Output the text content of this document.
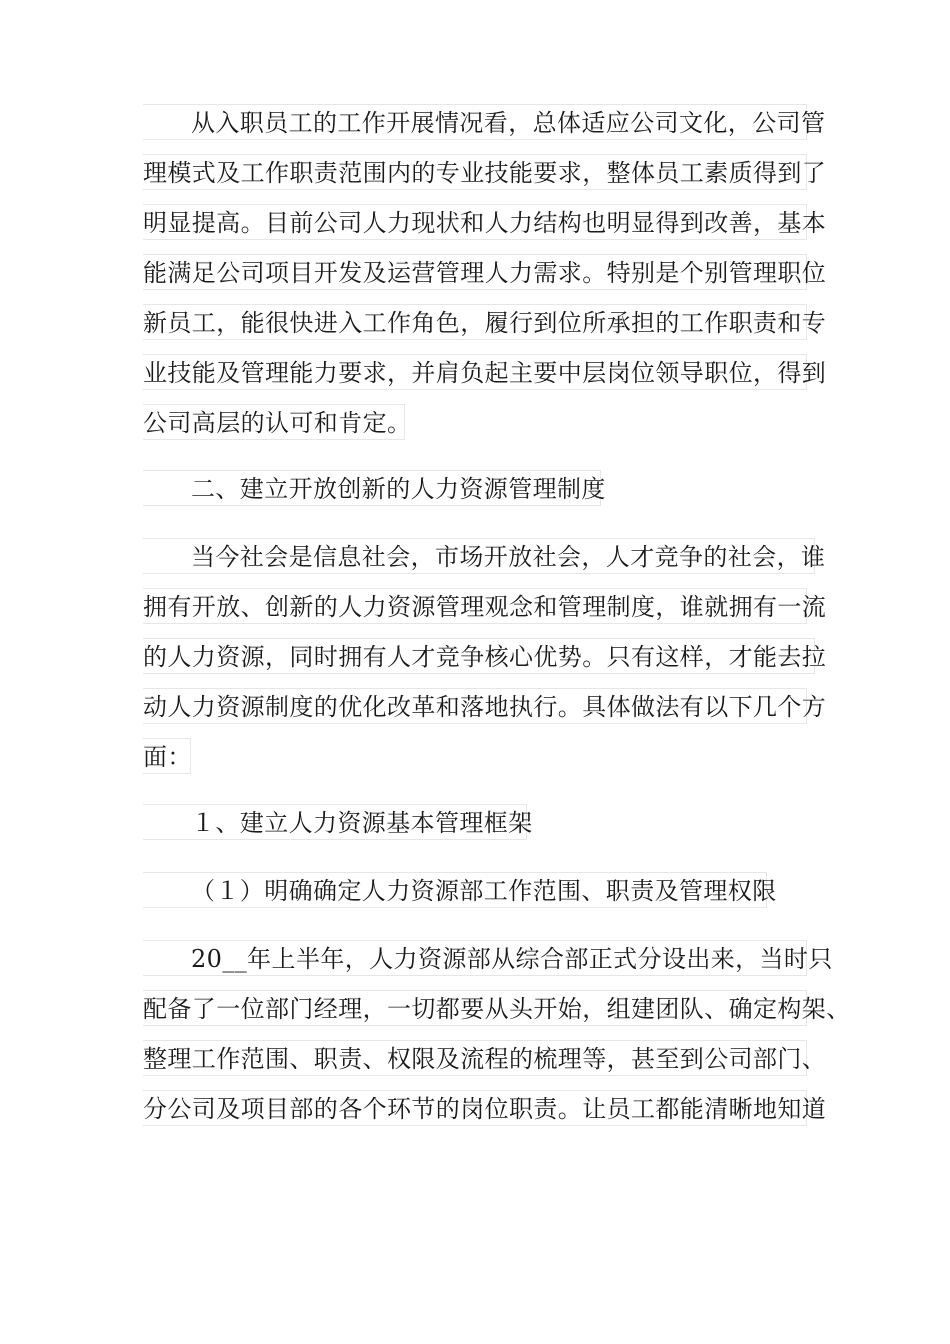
从入职员工的工作开展情况看，总体适应公司文化，公司管
理模式及工作职责范围内的专业技能要求，整体员工素质得到了
明显提高。目前公司人力现状和人力结构也明显得到改善，基本
能满足公司项目开发及运营管理人力需求。特别是个别管理职位
新员工，能很快进入工作角色，履行到位所承担的工作职责和专
业技能及管理能力要求，并肩负起主要中层岗位领导职位，得到
公司高层的认可和肯定。
二、建立开放创新的人力资源管理制度
当今社会是信息社会，市场开放社会，人才竞争的社会，谁
拥有开放、创新的人力资源管理观念和管理制度，谁就拥有一流
的人力资源，同时拥有人才竞争核心优势。只有这样，才能去拉
动人力资源制度的优化改革和落地执行。具体做法有以下几个方
面：
１、建立人力资源基本管理框架
（１）明确确定人力资源部工作范围、职责及管理权限
20__年上半年，人力资源部从综合部正式分设出来，当时只
配备了一位部门经理，一切都要从头开始，组建团队、确定构架、
整理工作范围、职责、权限及流程的梳理等，甚至到公司部门、
分公司及项目部的各个环节的岗位职责。让员工都能清晰地知道
